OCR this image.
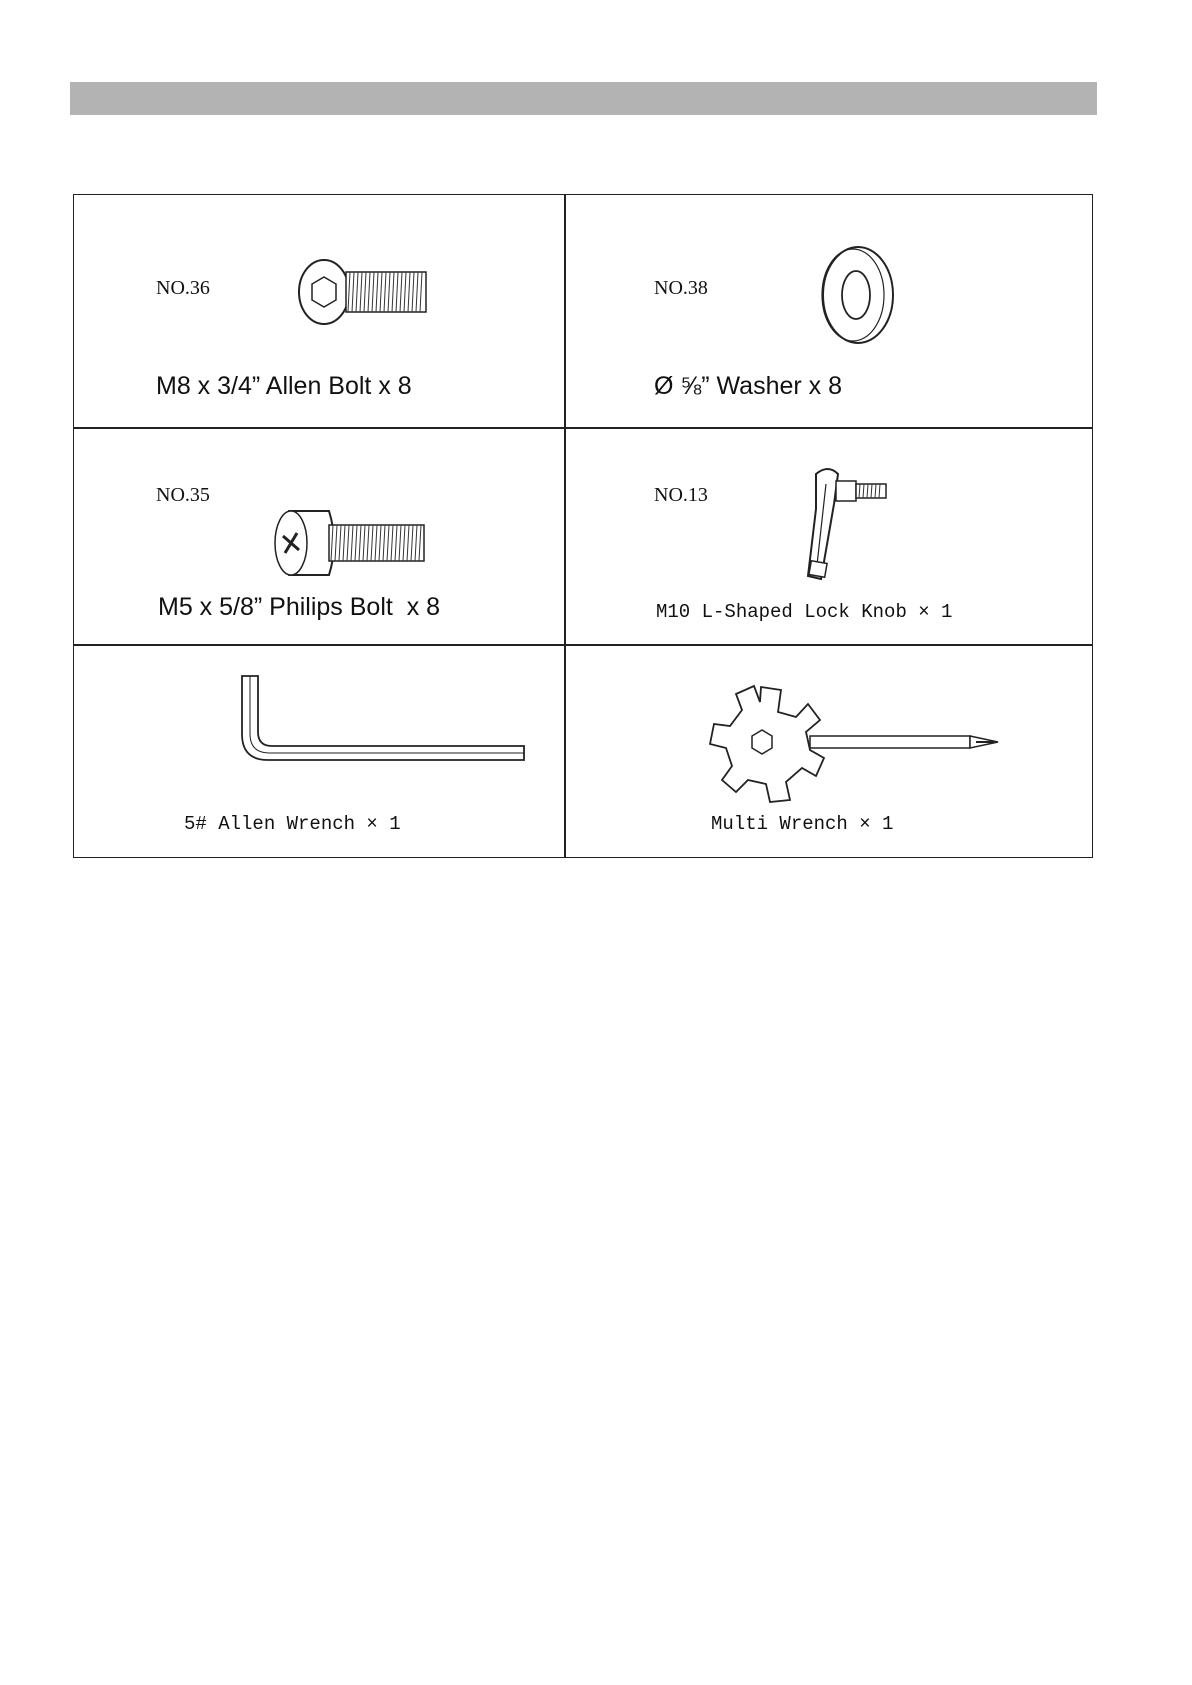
NO.36
M8 x 3/4” Allen Bolt x 8
NO.38
Ø ⅝” Washer x 8
NO.35
M5 x 5/8” Philips Bolt  x 8
NO.13
M10 L-Shaped Lock Knob × 1
5# Allen Wrench × 1	Multi Wrench × 1
